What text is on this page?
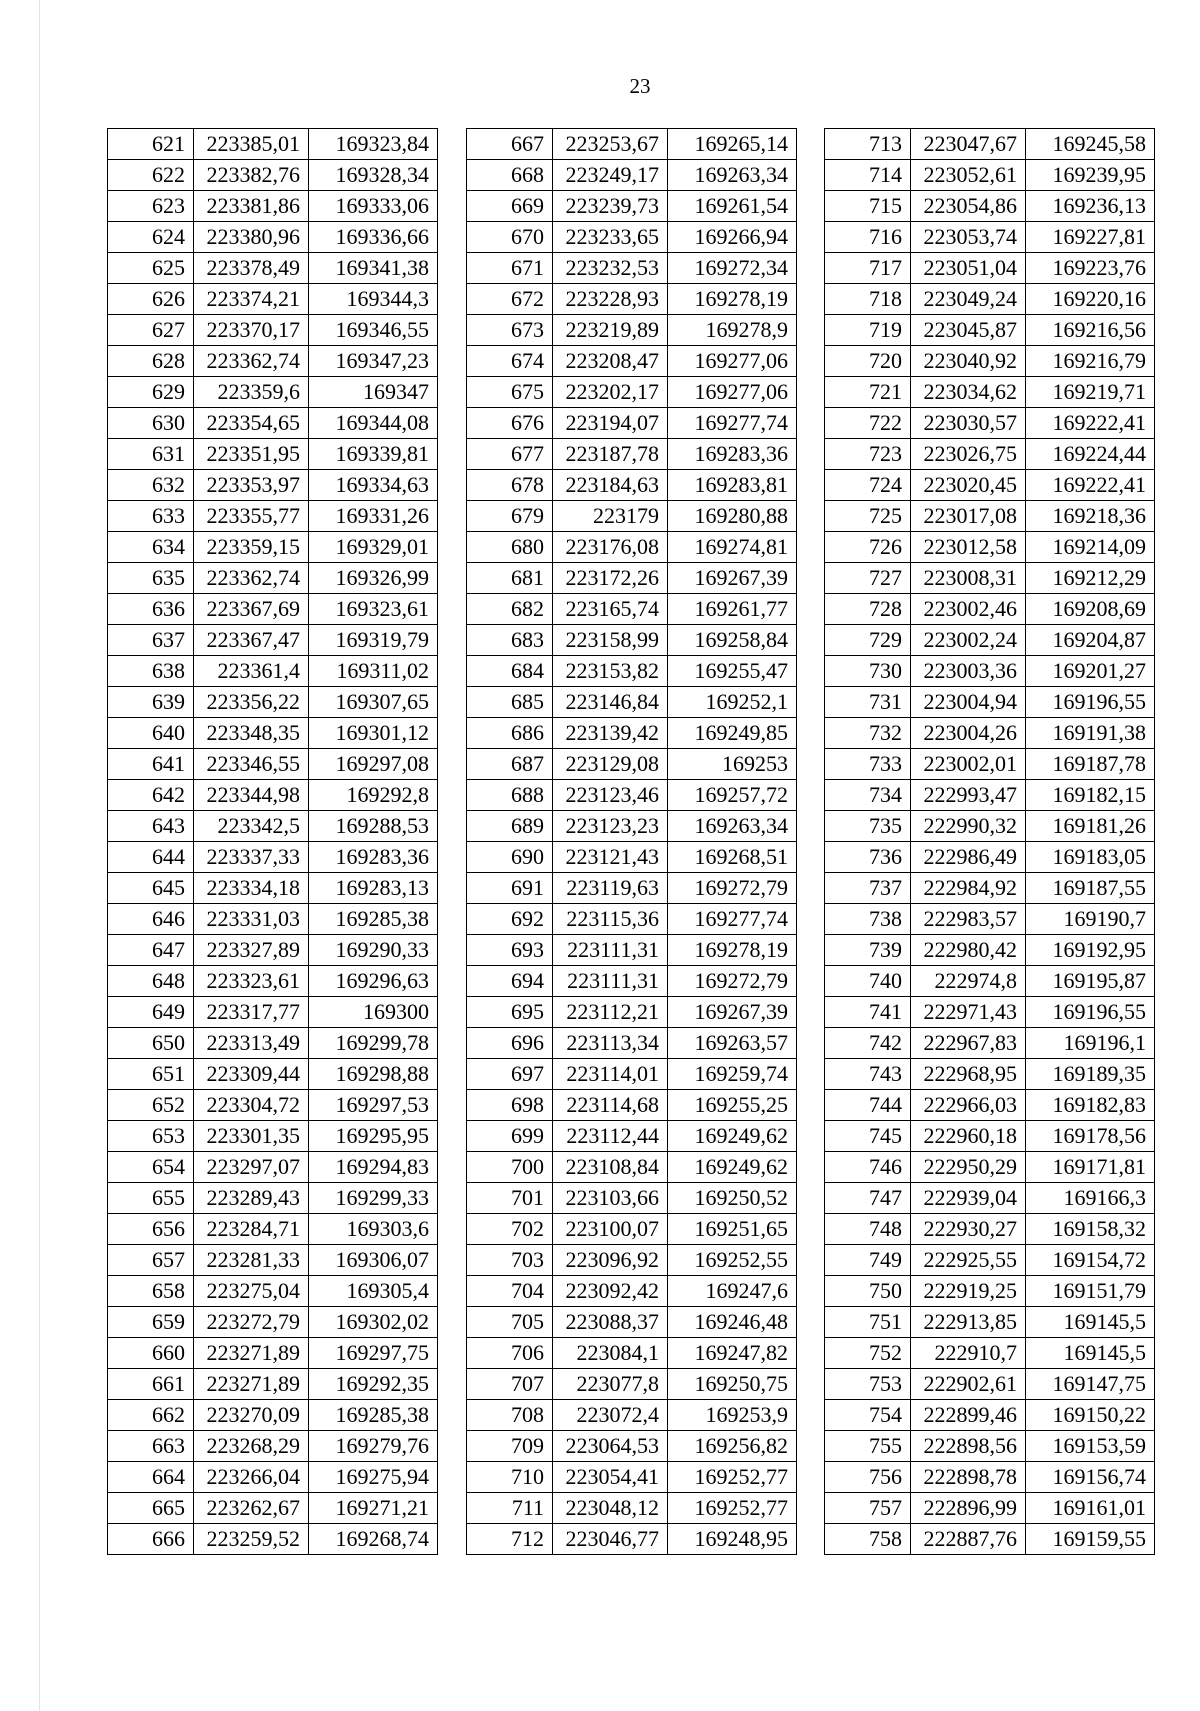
23
621	223385,01	169323,84
622	223382,76	169328,34
623	223381,86	169333,06
624	223380,96	169336,66
625	223378,49	169341,38
626	223374,21	169344,3
627	223370,17	169346,55
628	223362,74	169347,23
629	223359,6	169347
630	223354,65	169344,08
631	223351,95	169339,81
632	223353,97	169334,63
633	223355,77	169331,26
634	223359,15	169329,01
635	223362,74	169326,99
636	223367,69	169323,61
637	223367,47	169319,79
638	223361,4	169311,02
639	223356,22	169307,65
640	223348,35	169301,12
641	223346,55	169297,08
642	223344,98	169292,8
643	223342,5	169288,53
644	223337,33	169283,36
645	223334,18	169283,13
646	223331,03	169285,38
647	223327,89	169290,33
648	223323,61	169296,63
649	223317,77	169300
650	223313,49	169299,78
651	223309,44	169298,88
652	223304,72	169297,53
653	223301,35	169295,95
654	223297,07	169294,83
655	223289,43	169299,33
656	223284,71	169303,6
657	223281,33	169306,07
658	223275,04	169305,4
659	223272,79	169302,02
660	223271,89	169297,75
661	223271,89	169292,35
662	223270,09	169285,38
663	223268,29	169279,76
664	223266,04	169275,94
665	223262,67	169271,21
666	223259,52	169268,74
667	223253,67	169265,14
668	223249,17	169263,34
669	223239,73	169261,54
670	223233,65	169266,94
671	223232,53	169272,34
672	223228,93	169278,19
673	223219,89	169278,9
674	223208,47	169277,06
675	223202,17	169277,06
676	223194,07	169277,74
677	223187,78	169283,36
678	223184,63	169283,81
679	223179	169280,88
680	223176,08	169274,81
681	223172,26	169267,39
682	223165,74	169261,77
683	223158,99	169258,84
684	223153,82	169255,47
685	223146,84	169252,1
686	223139,42	169249,85
687	223129,08	169253
688	223123,46	169257,72
689	223123,23	169263,34
690	223121,43	169268,51
691	223119,63	169272,79
692	223115,36	169277,74
693	223111,31	169278,19
694	223111,31	169272,79
695	223112,21	169267,39
696	223113,34	169263,57
697	223114,01	169259,74
698	223114,68	169255,25
699	223112,44	169249,62
700	223108,84	169249,62
701	223103,66	169250,52
702	223100,07	169251,65
703	223096,92	169252,55
704	223092,42	169247,6
705	223088,37	169246,48
706	223084,1	169247,82
707	223077,8	169250,75
708	223072,4	169253,9
709	223064,53	169256,82
710	223054,41	169252,77
711	223048,12	169252,77
712	223046,77	169248,95
713	223047,67	169245,58
714	223052,61	169239,95
715	223054,86	169236,13
716	223053,74	169227,81
717	223051,04	169223,76
718	223049,24	169220,16
719	223045,87	169216,56
720	223040,92	169216,79
721	223034,62	169219,71
722	223030,57	169222,41
723	223026,75	169224,44
724	223020,45	169222,41
725	223017,08	169218,36
726	223012,58	169214,09
727	223008,31	169212,29
728	223002,46	169208,69
729	223002,24	169204,87
730	223003,36	169201,27
731	223004,94	169196,55
732	223004,26	169191,38
733	223002,01	169187,78
734	222993,47	169182,15
735	222990,32	169181,26
736	222986,49	169183,05
737	222984,92	169187,55
738	222983,57	169190,7
739	222980,42	169192,95
740	222974,8	169195,87
741	222971,43	169196,55
742	222967,83	169196,1
743	222968,95	169189,35
744	222966,03	169182,83
745	222960,18	169178,56
746	222950,29	169171,81
747	222939,04	169166,3
748	222930,27	169158,32
749	222925,55	169154,72
750	222919,25	169151,79
751	222913,85	169145,5
752	222910,7	169145,5
753	222902,61	169147,75
754	222899,46	169150,22
755	222898,56	169153,59
756	222898,78	169156,74
757	222896,99	169161,01
758	222887,76	169159,55
